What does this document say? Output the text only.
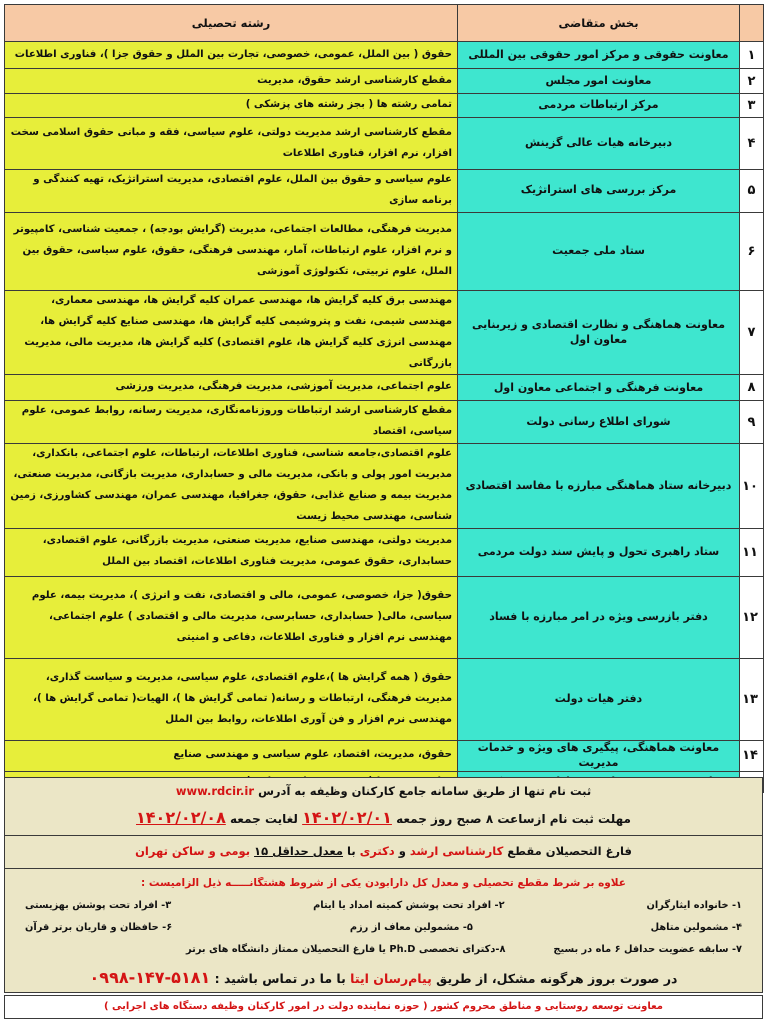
	بخش متقاضی	رشته تحصیلی
۱	معاونت حقوقی و مرکز امور حقوقی بین المللی	حقوق ( بین الملل، عمومی، خصوصی، تجارت بین الملل و حقوق جزا )، فناوری اطلاعات
۲	معاونت امور مجلس	مقطع کارشناسی ارشد حقوق، مدیریت
۳	مرکز ارتباطات مردمی	تمامی رشته ها ( بجز رشته های پزشکی )
۴	دبیرخانه هیات عالی گزینش	مقطع کارشناسی ارشد مدیریت دولتی، علوم سیاسی، فقه و مبانی حقوق اسلامی سخت افزار، نرم افزار، فناوری اطلاعات
۵	مرکز بررسی های استراتژیک	علوم سیاسی و حقوق بین الملل، علوم اقتصادی، مدیریت استراتژیک، تهیه کنندگی و برنامه سازی
۶	ستاد ملی جمعیت	مدیریت فرهنگی، مطالعات اجتماعی، مدیریت (گرایش بودجه) ، جمعیت شناسی، کامپیوتر و نرم افزار، علوم ارتباطات، آمار، مهندسی فرهنگی، حقوق، علوم سیاسی، حقوق بین الملل، علوم تربیتی، تکنولوژی آموزشی
۷	معاونت هماهنگی و نظارت اقتصادی و زیربنایی معاون اول	مهندسی برق کلیه گرایش ها، مهندسی عمران کلیه گرایش ها، مهندسی معماری، مهندسی شیمی، نفت و پتروشیمی کلیه گرایش ها، مهندسی صنایع کلیه گرایش ها، مهندسی انرژی کلیه گرایش ها، علوم اقتصادی) کلیه گرایش ها، مدیریت مالی، مدیریت بازرگانی
۸	معاونت فرهنگی و اجتماعی معاون اول	علوم اجتماعی، مدیریت آموزشی، مدیریت فرهنگی، مدیریت ورزشی
۹	شورای اطلاع رسانی دولت	مقطع کارشناسی ارشد ارتباطات وروزنامه‌نگاری، مدیریت رسانه، روابط عمومی، علوم سیاسی، اقتصاد
۱۰	دبیرخانه ستاد هماهنگی مبارزه با مفاسد اقتصادی	علوم اقتصادی،جامعه شناسی، فناوری اطلاعات، ارتباطات، علوم اجتماعی، بانکداری، مدیریت امور پولی و بانکی، مدیریت مالی و حسابداری، مدیریت بازگانی، مدیریت صنعتی، مدیریت بیمه و صنایع غذایی، حقوق، جغرافیا، مهندسی عمران، مهندسی کشاورزی، زمین شناسی، مهندسی محیط زیست
۱۱	ستاد راهبری تحول و پایش سند دولت مردمی	مدیریت دولتی، مهندسی صنایع، مدیریت صنعتی، مدیریت بازرگانی، علوم اقتصادی، حسابداری، حقوق عمومی، مدیریت فناوری اطلاعات، اقتصاد بین الملل
۱۲	دفتر بازرسی ویژه در امر مبارزه با فساد	حقوق( جزا، خصوصی، عمومی، مالی و اقتصادی، نفت و انرژی )، مدیریت بیمه، علوم سیاسی، مالی( حسابداری، حسابرسی، مدیریت مالی و اقتصادی ) علوم اجتماعی، مهندسی نرم افزار و فناوری اطلاعات، دفاعی و امنیتی
۱۳	دفتر هیات دولت	حقوق ( همه گرایش ها )،علوم اقتصادی، علوم سیاسی، مدیریت و سیاست گذاری، مدیریت فرهنگی، ارتباطات و رسانه( تمامی گرایش ها )، الهیات( تمامی گرایش ها )، مهندسی نرم افزار و فن آوری اطلاعات، روابط بین الملل
۱۴	معاونت هماهنگی، پیگیری های ویژه و خدمات مدیریت	حقوق، مدیریت، اقتصاد، علوم سیاسی و مهندسی صنایع

ثبت نام تنها از طریق سامانه جامع کارکنان وظیفه به آدرس www.rdcir.ir
مهلت ثبت نام ازساعت ۸ صبح روز جمعه ۱۴۰۲/۰۲/۰۱ لغایت جمعه ۱۴۰۲/۰۲/۰۸
فارغ التحصیلان مقطع کارشناسی ارشد و دکتری با معدل حداقل ۱۵ بومی و ساکن تهران
علاوه بر شرط مقطع تحصیلی و معدل کل دارابودن یکی از شروط هشتگانـــــه ذیل الزامیست :
۱- خانواده ایثارگران
۲- افراد تحت پوشش کمیته امداد یا ایتام
۳- افراد تحت پوشش بهزیستی
۴- مشمولین متاهل
۵- مشمولین معاف از رزم
۶- حافظان و قاریان برتر قرآن
۷- سابقه عضویت حداقل ۶ ماه در بسیج
۸-دکترای تخصصی Ph.D یا فارغ التحصیلان ممتاز دانشگاه های برتر
در صورت بروز هرگونه مشکل، از طریق پیام‌رسان ایتا با ما در تماس باشید : ۰۹۹۸-۱۴۷-۵۱۸۱
معاونت توسعه روستایی و مناطق محروم کشور ( حوزه نماینده دولت در امور کارکنان وظیفه دستگاه های اجرایی )
